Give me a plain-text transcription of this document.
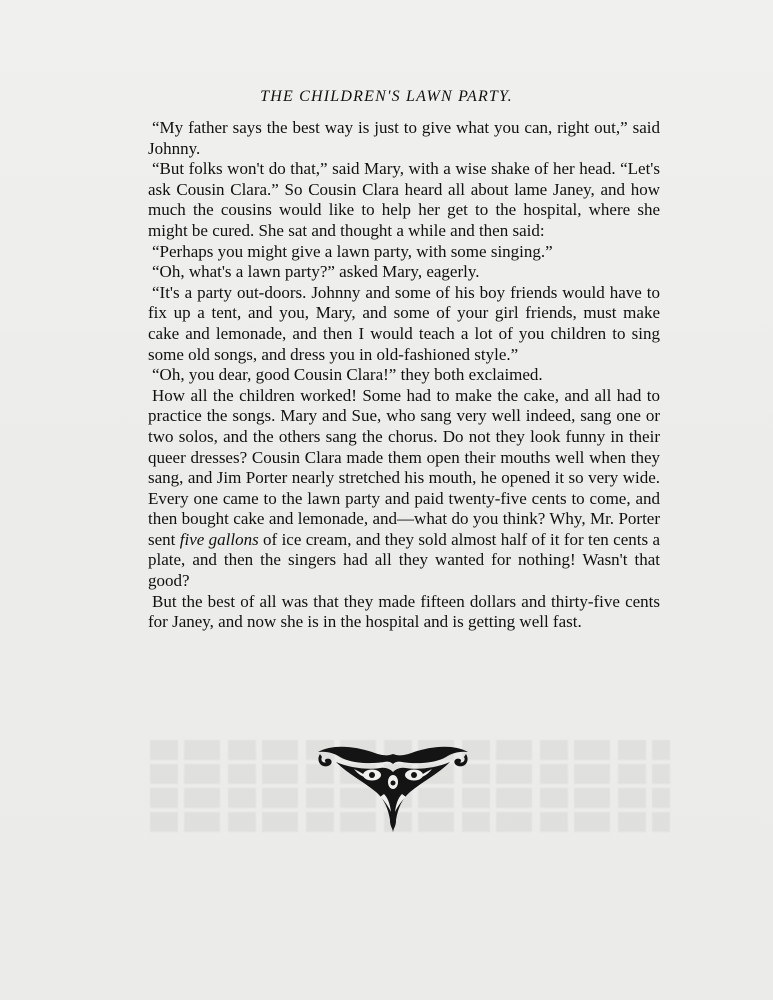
THE CHILDREN'S LAWN PARTY.

“My father says the best way is just to give what you can, right out,” said Johnny.

“But folks won't do that,” said Mary, with a wise shake of her head. “Let's ask Cousin Clara.” So Cousin Clara heard all about lame Janey, and how much the cousins would like to help her get to the hospital, where she might be cured. She sat and thought a while and then said:

“Perhaps you might give a lawn party, with some singing.”

“Oh, what's a lawn party?” asked Mary, eagerly.

“It's a party out-doors. Johnny and some of his boy friends would have to fix up a tent, and you, Mary, and some of your girl friends, must make cake and lemonade, and then I would teach a lot of you children to sing some old songs, and dress you in old-fashioned style.”

“Oh, you dear, good Cousin Clara!” they both exclaimed.

How all the children worked! Some had to make the cake, and all had to practice the songs. Mary and Sue, who sang very well indeed, sang one or two solos, and the others sang the chorus. Do not they look funny in their queer dresses? Cousin Clara made them open their mouths well when they sang, and Jim Porter nearly stretched his mouth, he opened it so very wide. Every one came to the lawn party and paid twenty-five cents to come, and then bought cake and lemonade, and—what do you think? Why, Mr. Porter sent five gallons of ice cream, and they sold almost half of it for ten cents a plate, and then the singers had all they wanted for nothing! Wasn't that good?

But the best of all was that they made fifteen dollars and thirty-five cents for Janey, and now she is in the hospital and is getting well fast.
